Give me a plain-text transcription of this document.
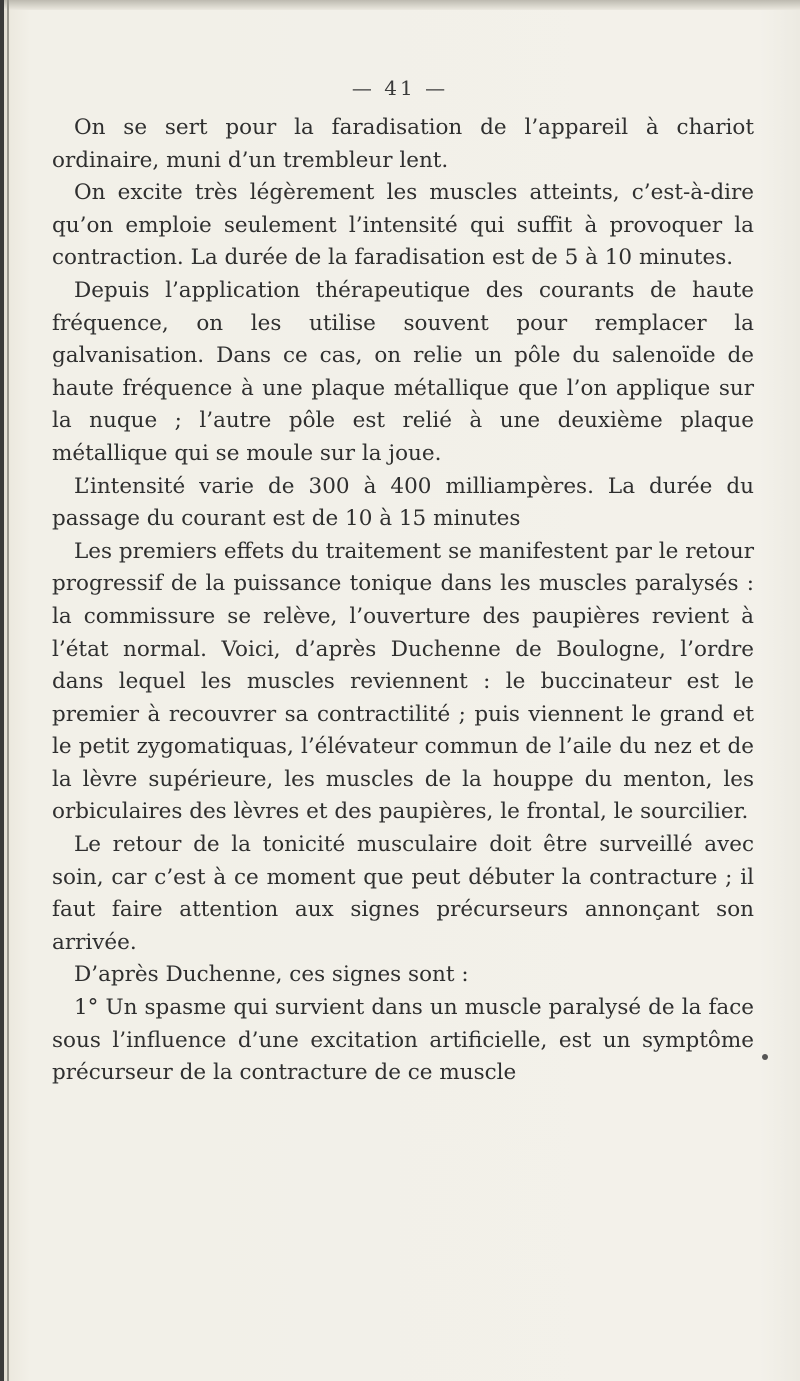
— 41 —

On se sert pour la faradisation de l’appareil à chariot ordinaire, muni d’un trembleur lent.

On excite très légèrement les muscles atteints, c’est-à-dire qu’on emploie seulement l’intensité qui suffit à provoquer la contraction. La durée de la faradisation est de 5 à 10 minutes.

Depuis l’application thérapeutique des courants de haute fréquence, on les utilise souvent pour remplacer la galvanisation. Dans ce cas, on relie un pôle du salenoïde de haute fréquence à une plaque métallique que l’on applique sur la nuque ; l’autre pôle est relié à une deuxième plaque métallique qui se moule sur la joue.

L’intensité varie de 300 à 400 milliampères. La durée du passage du courant est de 10 à 15 minutes

Les premiers effets du traitement se manifestent par le retour progressif de la puissance tonique dans les muscles paralysés : la commissure se relève, l’ouverture des paupières revient à l’état normal. Voici, d’après Duchenne de Boulogne, l’ordre dans lequel les muscles reviennent : le buccinateur est le premier à recouvrer sa contractilité ; puis viennent le grand et le petit zygomatiquas, l’élévateur commun de l’aile du nez et de la lèvre supérieure, les muscles de la houppe du menton, les orbiculaires des lèvres et des paupières, le frontal, le sourcilier.

Le retour de la tonicité musculaire doit être surveillé avec soin, car c’est à ce moment que peut débuter la contracture ; il faut faire attention aux signes précurseurs annonçant son arrivée.

D’après Duchenne, ces signes sont :

1° Un spasme qui survient dans un muscle paralysé de la face sous l’influence d’une excitation artificielle, est un symptôme précurseur de la contracture de ce muscle
